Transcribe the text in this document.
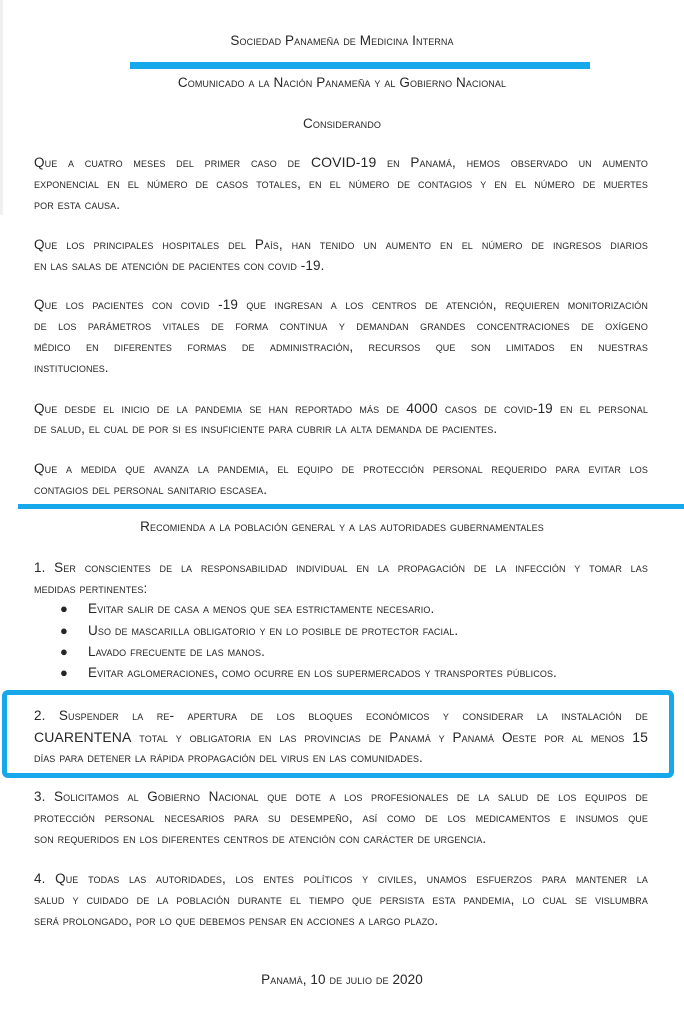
Sociedad Panameña de Medicina Interna
Comunicado a la Nación Panameña y al Gobierno Nacional
Considerando
Que a cuatro meses del primer caso de COVID-19 en Panamá, hemos observado un aumento
exponencial en el número de casos totales, en el número de contagios y en el número de muertes
por esta causa.
Que los principales hospitales del País, han tenido un aumento en el número de ingresos diarios
en las salas de atención de pacientes con covid -19.
Que los pacientes con covid -19 que ingresan a los centros de atención, requieren monitorización
de los parámetros vitales de forma continua y demandan grandes concentraciones de oxígeno
médico en diferentes formas de administración, recursos que son limitados en nuestras
instituciones.
Que desde el inicio de la pandemia se han reportado más de 4000 casos de covid-19 en el personal
de salud, el cual de por si es insuficiente para cubrir la alta demanda de pacientes.
Que a medida que avanza la pandemia, el equipo de protección personal requerido para evitar los
contagios del personal sanitario escasea.
Recomienda a la población general y a las autoridades gubernamentales
1. Ser conscientes de la responsabilidad individual en la propagación de la infección y tomar las
medidas pertinentes:
● Evitar salir de casa a menos que sea estrictamente necesario.
● Uso de mascarilla obligatorio y en lo posible de protector facial.
● Lavado frecuente de las manos.
● Evitar aglomeraciones, como ocurre en los supermercados y transportes públicos.
2. Suspender la re- apertura de los bloques económicos y considerar la instalación de
CUARENTENA total y obligatoria en las provincias de Panamá y Panamá Oeste por al menos 15
días para detener la rápida propagación del virus en las comunidades.
3. Solicitamos al Gobierno Nacional que dote a los profesionales de la salud de los equipos de
protección personal necesarios para su desempeño, así como de los medicamentos e insumos que
son requeridos en los diferentes centros de atención con carácter de urgencia.
4. Que todas las autoridades, los entes políticos y civiles, unamos esfuerzos para mantener la
salud y cuidado de la población durante el tiempo que persista esta pandemia, lo cual se vislumbra
será prolongado, por lo que debemos pensar en acciones a largo plazo.
Panamá, 10 de julio de 2020
